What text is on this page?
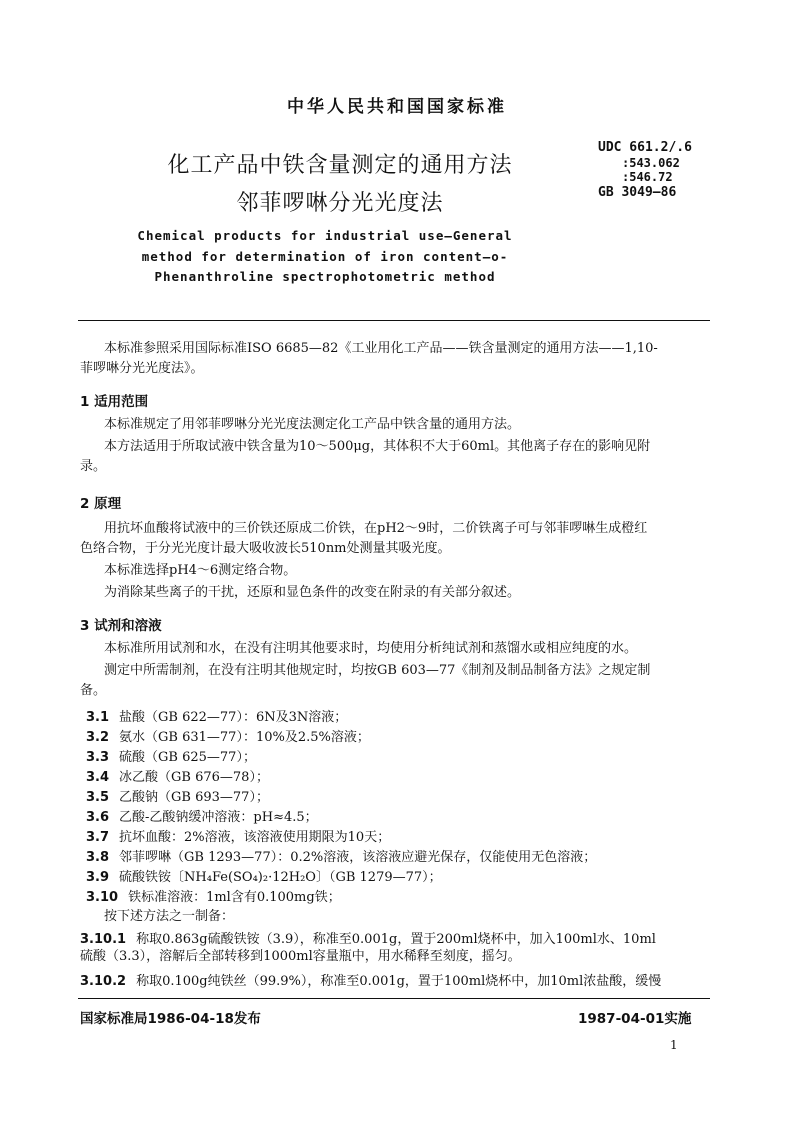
中华人民共和国国家标准
化工产品中铁含量测定的通用方法
邻菲啰啉分光光度法
UDC 661.2/.6
:543.062
:546.72
GB 3049—86
Chemical products for industrial use—General
method for determination of iron content—o-
Phenanthroline spectrophotometric method
本标准参照采用国际标准ISO 6685—82《工业用化工产品——铁含量测定的通用方法——1,10-
菲啰啉分光光度法》。
1 适用范围
本标准规定了用邻菲啰啉分光光度法测定化工产品中铁含量的通用方法。
本方法适用于所取试液中铁含量为10～500μg，其体积不大于60ml。其他离子存在的影响见附
录。
2 原理
用抗坏血酸将试液中的三价铁还原成二价铁，在pH2～9时，二价铁离子可与邻菲啰啉生成橙红
色络合物，于分光光度计最大吸收波长510nm处测量其吸光度。
本标准选择pH4～6测定络合物。
为消除某些离子的干扰，还原和显色条件的改变在附录的有关部分叙述。
3 试剂和溶液
本标准所用试剂和水，在没有注明其他要求时，均使用分析纯试剂和蒸馏水或相应纯度的水。
测定中所需制剂，在没有注明其他规定时，均按GB 603—77《制剂及制品制备方法》之规定制
备。
3.1 盐酸（GB 622—77）：6N及3N溶液；
3.2 氨水（GB 631—77）：10%及2.5%溶液；
3.3 硫酸（GB 625—77）；
3.4 冰乙酸（GB 676—78）；
3.5 乙酸钠（GB 693—77）；
3.6 乙酸-乙酸钠缓冲溶液：pH≈4.5；
3.7 抗坏血酸：2%溶液，该溶液使用期限为10天；
3.8 邻菲啰啉（GB 1293—77）：0.2%溶液，该溶液应避光保存，仅能使用无色溶液；
3.9 硫酸铁铵〔NH₄Fe(SO₄)₂·12H₂O〕（GB 1279—77）；
3.10 铁标准溶液：1ml含有0.100mg铁；
按下述方法之一制备：
3.10.1 称取0.863g硫酸铁铵（3.9），称准至0.001g，置于200ml烧杯中，加入100ml水、10ml
硫酸（3.3），溶解后全部转移到1000ml容量瓶中，用水稀释至刻度，摇匀。
3.10.2 称取0.100g纯铁丝（99.9%），称准至0.001g，置于100ml烧杯中，加10ml浓盐酸，缓慢
国家标准局1986-04-18发布	1987-04-01实施
1
